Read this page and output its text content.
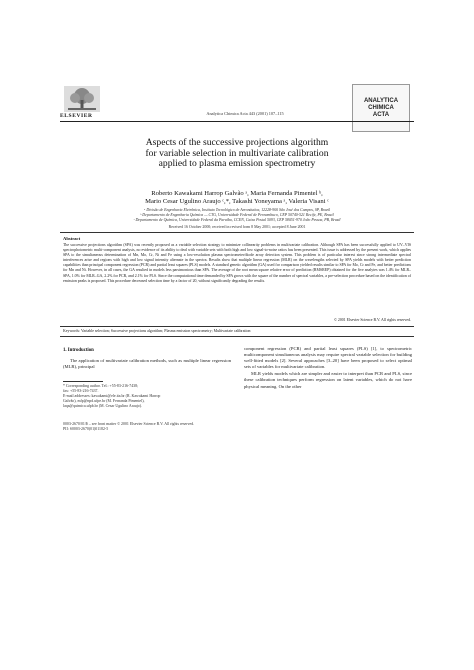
ELSEVIER	Analytica Chimica Acta 443 (2001) 107–115
ANALYTICA
CHIMICA
ACTA
Aspects of the successive projections algorithm
for variable selection in multivariate calibration
applied to plasma emission spectrometry
Roberto Kawakami Harrop Galvão ᵃ, Maria Fernanda Pimentel ᵇ,
Mario Cesar Ugulino Araujo ᶜ,*, Takashi Yoneyama ᵃ, Valeria Visani ᶜ
ᵃ Divisão de Engenharia Eletrônica, Instituto Tecnológico de Aeronáutica, 12228-900 São José dos Campos, SP, Brazil
ᵇ Departamento de Engenharia Química — CTG, Universidade Federal de Pernambuco, CEP 50740-521 Recife, PE, Brazil
ᶜ Departamento de Química, Universidade Federal da Paraíba, CCEN, Caixa Postal 5093, CEP 58051-970 João Pessoa, PB, Brazil
Received 16 October 2000; received in revised form 8 May 2001; accepted 8 June 2001
Abstract
The successive projections algorithm (SPA) was recently proposed as a variable selection strategy to minimize collinearity problems in multivariate calibration. Although SPA has been successfully applied to UV–VIS spectrophotometric multi-component analysis, no evidence of its ability to deal with variable sets with both high and low signal-to-noise ratios has been presented. This issue is addressed by the present work, which applies SPA to the simultaneous determination of Mn, Mo, Cr, Ni and Fe using a low-resolution plasma spectrometer/diode array detection system. This problem is of particular interest since strong intermediate spectral interferences arise and regions with high and low signal intensity alternate in the spectra. Results show that multiple linear regression (MLR) on the wavelengths selected by SPA yields models with better prediction capabilities than principal component regression (PCR) and partial least squares (PLS) models. A standard genetic algorithm (GA) used for comparison yielded results similar to SPA for Mo, Cr and Fe, and better predictions for Mn and Ni. However, in all cases, the GA resulted in models less parsimonious than SPA. The average of the root mean square relative error of prediction (RMSREP) obtained for the five analytes was 1.4% for MLR–SPA, 1.0% for MLR–GA, 2.2% for PCR, and 2.1% for PLS. Since the computational time demanded by SPA grows with the square of the number of spectral variables, a pre-selection procedure based on the identification of emission peaks is proposed. This procedure decreased selection time by a factor of 20, without significantly degrading the results.
© 2001 Elsevier Science B.V. All rights reserved.
Keywords: Variable selection; Successive projections algorithm; Plasma emission spectrometry; Multivariate calibration
1. Introduction
The application of multivariate calibration methods, such as multiple linear regression (MLR), principal
* Corresponding author. Tel.: +55-83-216-7438;
fax: +55-83-216-7437.
E-mail addresses: kawakami@ele.ita.br (R. Kawakami Harrop
Galvão), mfp@npd.ufpe.br (M. Fernanda Pimentel),
laqa@quimica.ufpb.br (M. Cesar Ugulino Araujo).
0003-2670/01/$ – see front matter © 2001 Elsevier Science B.V. All rights reserved.
PII: S0003-2670(01)01182-5

component regression (PCR) and partial least squares (PLS) [1], to spectrometric multicomponent simultaneous analysis may require spectral variable selection for building well-fitted models [2]. Several approaches [3–20] have been proposed to select optimal sets of variables for multivariate calibration.

MLR yields models which are simpler and easier to interpret than PCR and PLS, since these calibration techniques perform regression on latent variables, which do not have physical meaning. On the other
